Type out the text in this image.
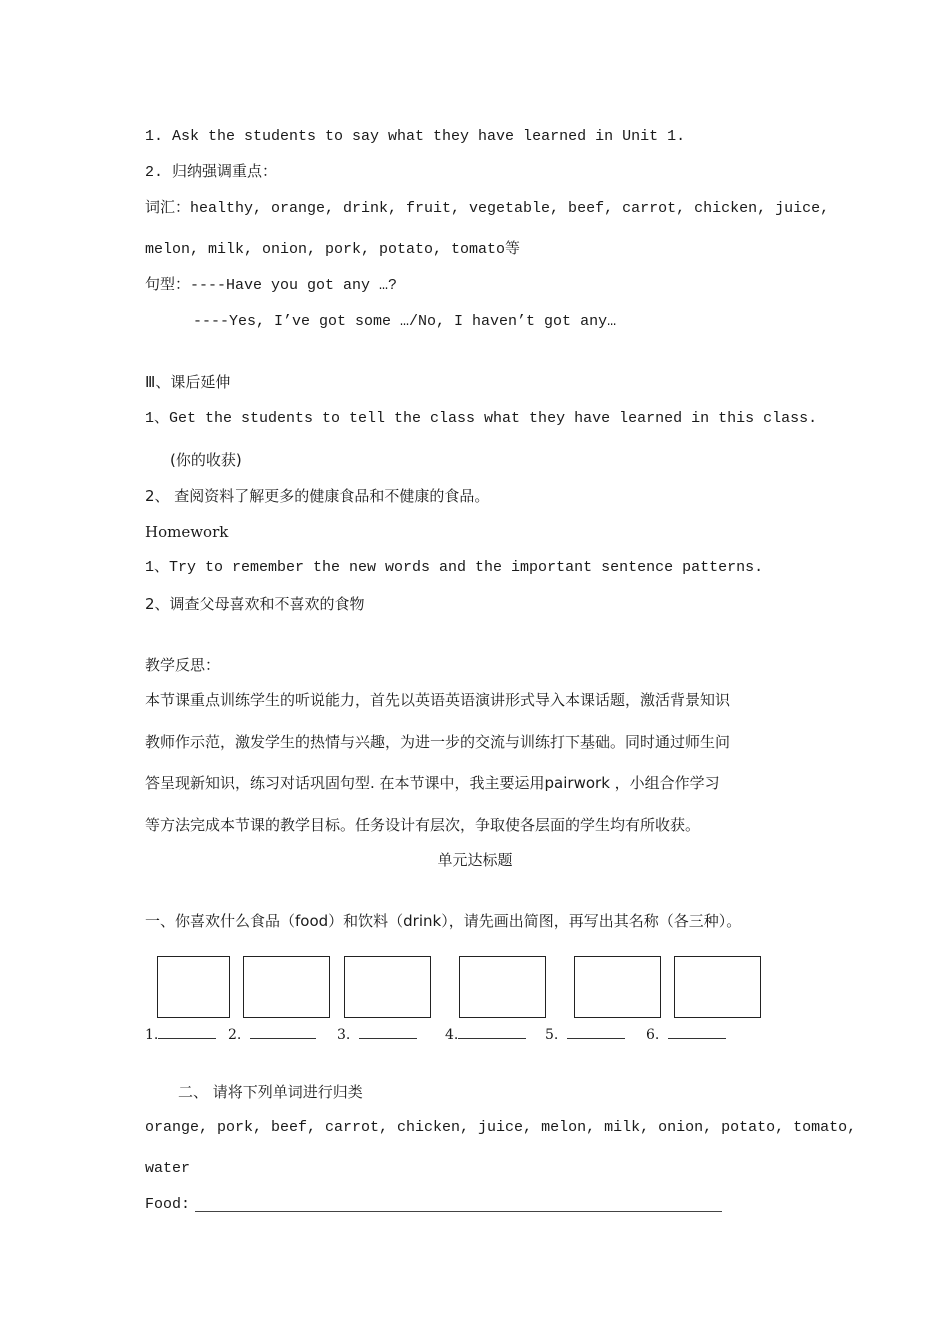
1. Ask the students to say what they have learned in Unit 1.
2. 归纳强调重点：
词汇：healthy, orange, drink, fruit, vegetable, beef, carrot, chicken, juice,
melon, milk, onion, pork, potato, tomato等
句型：----Have you got any …?
----Yes, I’ve got some …/No, I haven’t got any…
Ⅲ、课后延伸
1、Get the students to tell the class what they have learned in this class.
(你的收获)
2、 查阅资料了解更多的健康食品和不健康的食品。
Homework
1、Try to remember the new words and the important sentence patterns.
2、调查父母喜欢和不喜欢的食物
教学反思：
本节课重点训练学生的听说能力，首先以英语英语演讲形式导入本课话题，激活背景知识
教师作示范，激发学生的热情与兴趣，为进一步的交流与训练打下基础。同时通过师生问
答呈现新知识，练习对话巩固句型. 在本节课中，我主要运用pairwork ，小组合作学习
等方法完成本节课的教学目标。任务设计有层次，争取使各层面的学生均有所收获。
单元达标题
一、你喜欢什么食品（food）和饮料（drink），请先画出简图，再写出其名称（各三种）。
1.	2.	3.	4.	5.	6.
二、 请将下列单词进行归类
orange, pork, beef, carrot, chicken, juice, melon, milk, onion, potato, tomato,
water
Food:
